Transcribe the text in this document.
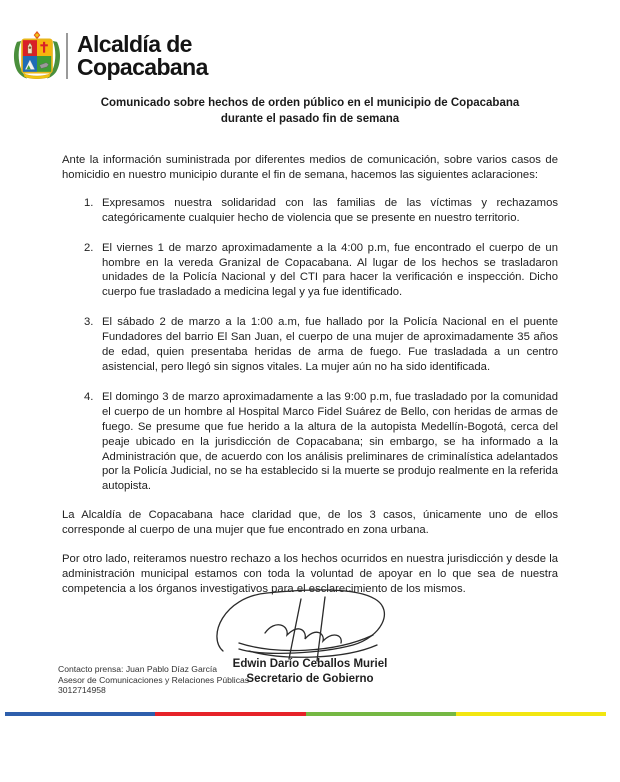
Alcaldía de
Copacabana
Comunicado sobre hechos de orden público en el municipio de Copacabana
durante el pasado fin de semana

Ante la información suministrada por diferentes medios de comunicación, sobre varios casos de homicidio en nuestro municipio durante el fin de semana, hacemos las siguientes aclaraciones:

1. Expresamos nuestra solidaridad con las familias de las víctimas y rechazamos categóricamente cualquier hecho de violencia que se presente en nuestro territorio.
2. El viernes 1 de marzo aproximadamente a la 4:00 p.m, fue encontrado el cuerpo de un hombre en la vereda Granizal de Copacabana. Al lugar de los hechos se trasladaron unidades de la Policía Nacional y del CTI para hacer la verificación e inspección. Dicho cuerpo fue trasladado a medicina legal y ya fue identificado.
3. El sábado 2 de marzo a la 1:00 a.m, fue hallado por la Policía Nacional en el puente Fundadores del barrio El San Juan, el cuerpo de una mujer de aproximadamente 35 años de edad, quien presentaba heridas de arma de fuego. Fue trasladada a un centro asistencial, pero llegó sin signos vitales. La mujer aún no ha sido identificada.
4. El domingo 3 de marzo aproximadamente a las 9:00 p.m, fue trasladado por la comunidad el cuerpo de un hombre al Hospital Marco Fidel Suárez de Bello, con heridas de armas de fuego. Se presume que fue herido a la altura de la autopista Medellín-Bogotá, cerca del peaje ubicado en la jurisdicción de Copacabana; sin embargo, se ha informado a la Administración que, de acuerdo con los análisis preliminares de criminalística adelantados por la Policía Judicial, no se ha establecido si la muerte se produjo realmente en la referida autopista.

La Alcaldía de Copacabana hace claridad que, de los 3 casos, únicamente uno de ellos corresponde al cuerpo de una mujer que fue encontrado en zona urbana.

Por otro lado, reiteramos nuestro rechazo a los hechos ocurridos en nuestra jurisdicción y desde la administración municipal estamos con toda la voluntad de apoyar en lo que sea de nuestra competencia a los órganos investigativos para el esclarecimiento de los mismos.

Edwin Darío Ceballos Muriel
Secretario de Gobierno
Contacto prensa: Juan Pablo Díaz García
Asesor de Comunicaciones y Relaciones Públicas
3012714958
